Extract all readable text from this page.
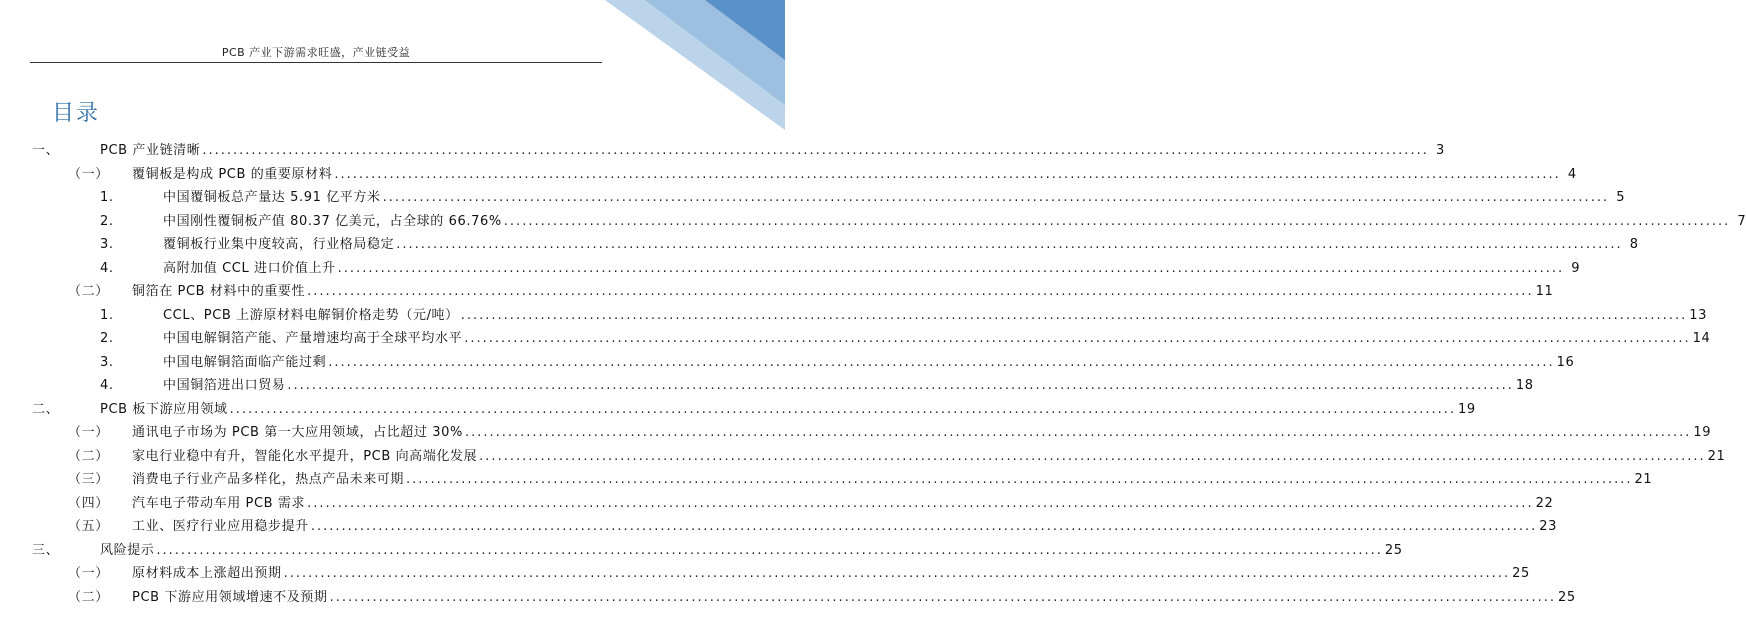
PCB 产业下游需求旺盛，产业链受益
目录
一、	PCB 产业链清晰 ........................................................................................................................................................................................................ 3
（一）	覆铜板是构成 PCB 的重要原材料 ........................................................................................................................................................................................................ 4
1.	中国覆铜板总产量达 5.91 亿平方米 ........................................................................................................................................................................................................ 5
2.	中国刚性覆铜板产值 80.37 亿美元，占全球的 66.76% ........................................................................................................................................................................................................ 7
3.	覆铜板行业集中度较高，行业格局稳定 ........................................................................................................................................................................................................ 8
4.	高附加值 CCL 进口价值上升 ........................................................................................................................................................................................................ 9
（二）	铜箔在 PCB 材料中的重要性 ........................................................................................................................................................................................................ 11
1.	CCL、PCB 上游原材料电解铜价格走势（元/吨） ........................................................................................................................................................................................................ 13
2.	中国电解铜箔产能、产量增速均高于全球平均水平 ........................................................................................................................................................................................................ 14
3.	中国电解铜箔面临产能过剩 ........................................................................................................................................................................................................ 16
4.	中国铜箔进出口贸易 ........................................................................................................................................................................................................ 18
二、	PCB 板下游应用领域 ........................................................................................................................................................................................................ 19
（一）	通讯电子市场为 PCB 第一大应用领域，占比超过 30% ........................................................................................................................................................................................................ 19
（二）	家电行业稳中有升，智能化水平提升，PCB 向高端化发展 ........................................................................................................................................................................................................ 21
（三）	消费电子行业产品多样化，热点产品未来可期 ........................................................................................................................................................................................................ 21
（四）	汽车电子带动车用 PCB 需求 ........................................................................................................................................................................................................ 22
（五）	工业、医疗行业应用稳步提升 ........................................................................................................................................................................................................ 23
三、	风险提示 ........................................................................................................................................................................................................ 25
（一）	原材料成本上涨超出预期 ........................................................................................................................................................................................................ 25
（二）	PCB 下游应用领域增速不及预期 ........................................................................................................................................................................................................ 25
